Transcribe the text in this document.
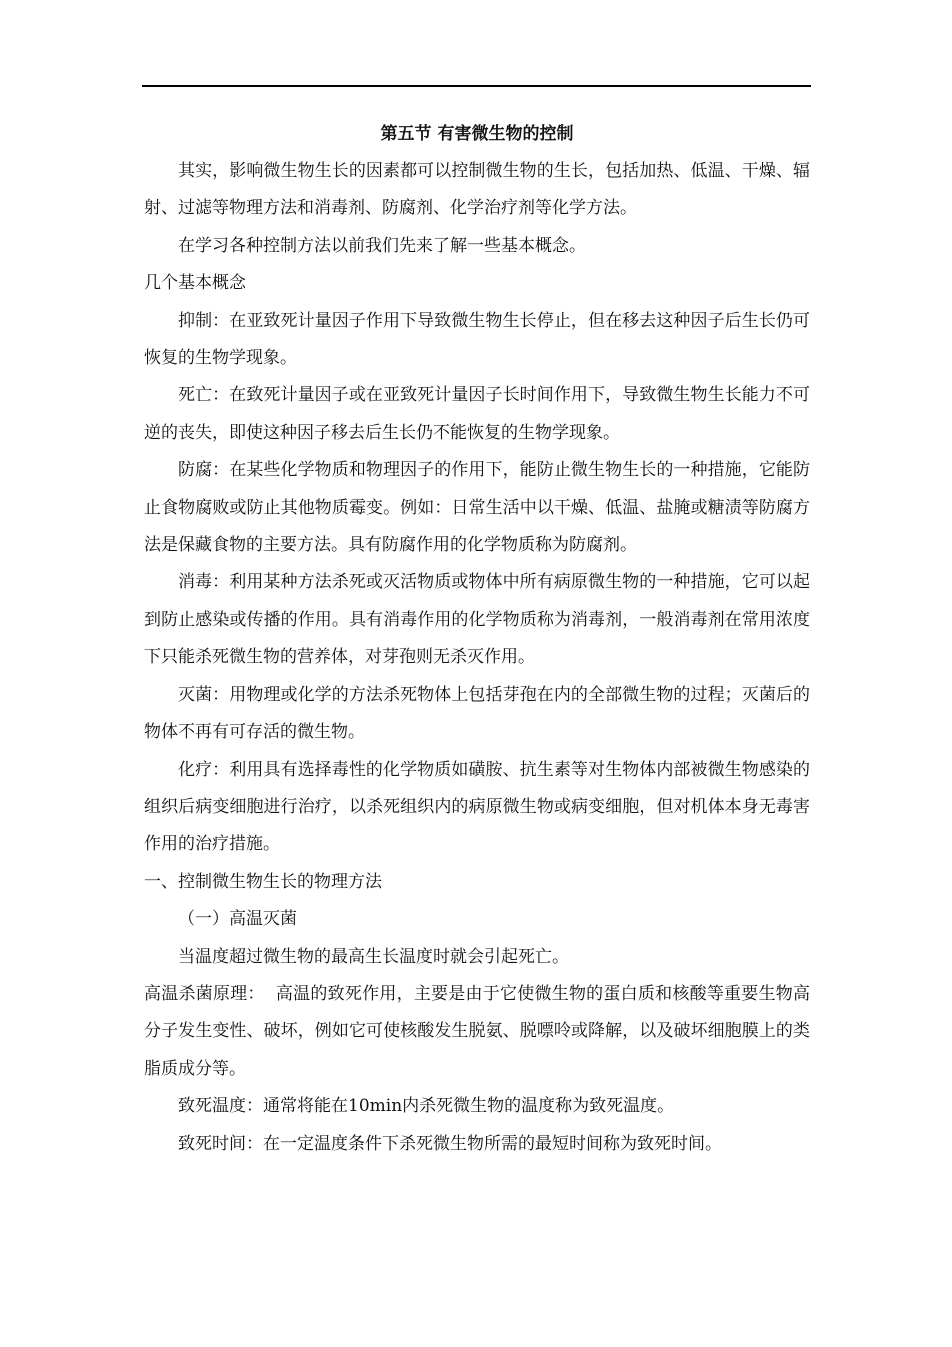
第五节 有害微生物的控制

其实，影响微生物生长的因素都可以控制微生物的生长，包括加热、低温、干燥、辐射、过滤等物理方法和消毒剂、防腐剂、化学治疗剂等化学方法。

在学习各种控制方法以前我们先来了解一些基本概念。

几个基本概念

抑制：在亚致死计量因子作用下导致微生物生长停止，但在移去这种因子后生长仍可恢复的生物学现象。

死亡：在致死计量因子或在亚致死计量因子长时间作用下，导致微生物生长能力不可逆的丧失，即使这种因子移去后生长仍不能恢复的生物学现象。

防腐：在某些化学物质和物理因子的作用下，能防止微生物生长的一种措施，它能防止食物腐败或防止其他物质霉变。例如：日常生活中以干燥、低温、盐腌或糖渍等防腐方法是保藏食物的主要方法。具有防腐作用的化学物质称为防腐剂。

消毒：利用某种方法杀死或灭活物质或物体中所有病原微生物的一种措施，它可以起到防止感染或传播的作用。具有消毒作用的化学物质称为消毒剂，一般消毒剂在常用浓度下只能杀死微生物的营养体，对芽孢则无杀灭作用。

灭菌：用物理或化学的方法杀死物体上包括芽孢在内的全部微生物的过程；灭菌后的物体不再有可存活的微生物。

化疗：利用具有选择毒性的化学物质如磺胺、抗生素等对生物体内部被微生物感染的组织后病变细胞进行治疗，以杀死组织内的病原微生物或病变细胞，但对机体本身无毒害作用的治疗措施。

一、控制微生物生长的物理方法

（一）高温灭菌

当温度超过微生物的最高生长温度时就会引起死亡。

高温杀菌原理：  高温的致死作用，主要是由于它使微生物的蛋白质和核酸等重要生物高分子发生变性、破坏，例如它可使核酸发生脱氨、脱嘌呤或降解，以及破坏细胞膜上的类脂质成分等。

致死温度：通常将能在10min内杀死微生物的温度称为致死温度。

致死时间：在一定温度条件下杀死微生物所需的最短时间称为致死时间。
